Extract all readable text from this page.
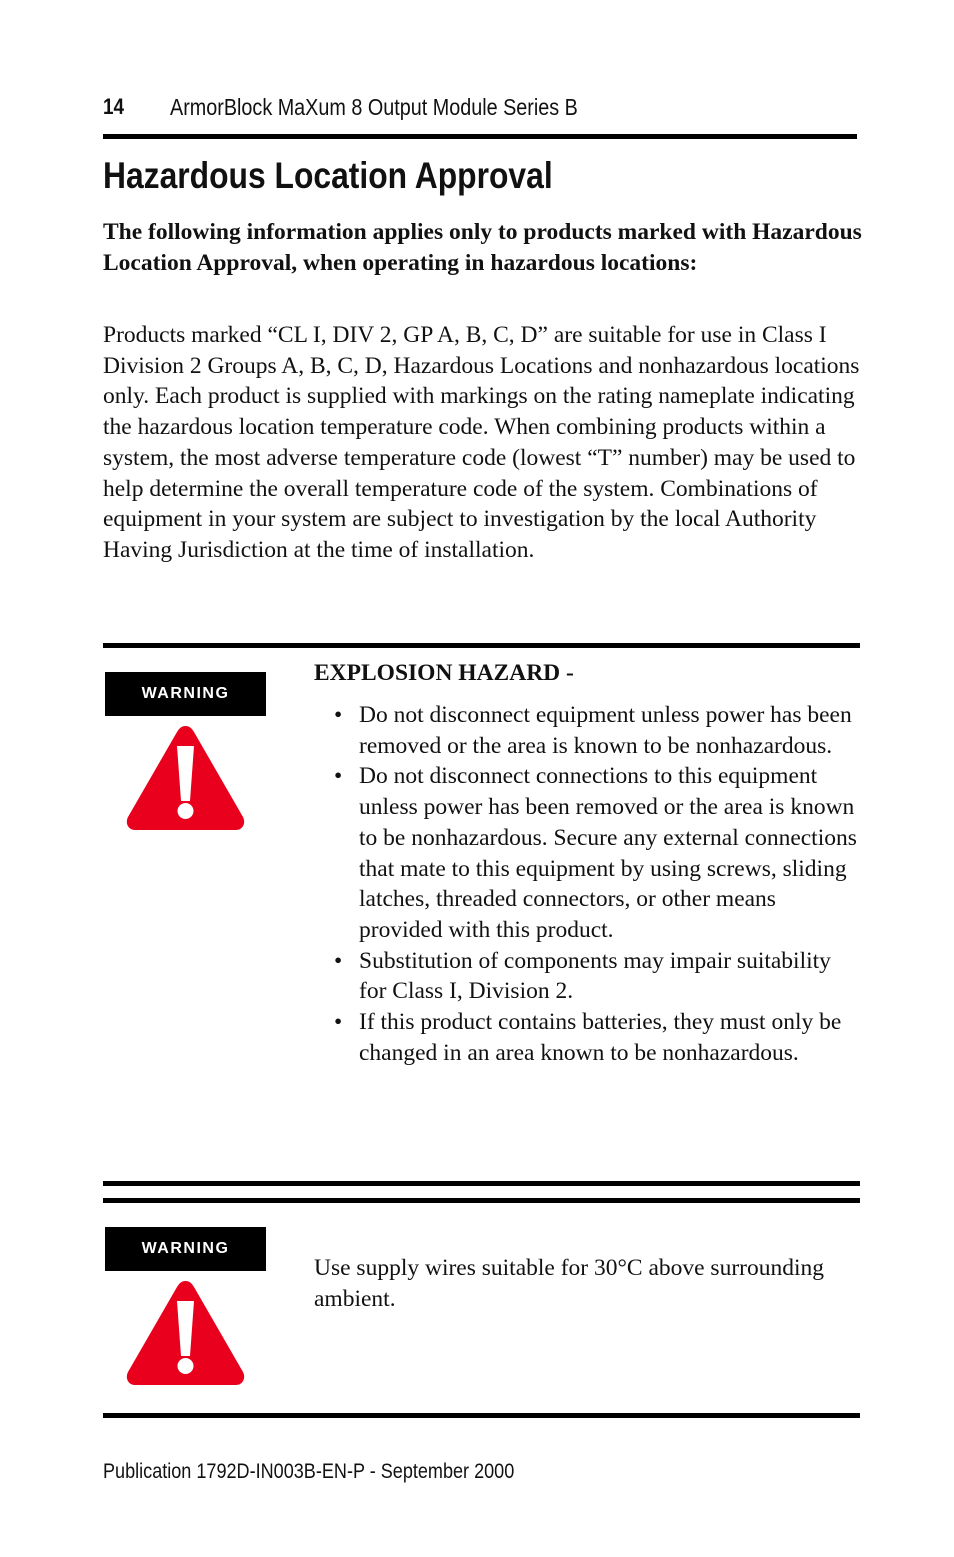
14 ArmorBlock MaXum 8 Output Module Series B
Hazardous Location Approval

The following information applies only to products marked with Hazardous Location Approval, when operating in hazardous locations:

Products marked “CL I, DIV 2, GP A, B, C, D” are suitable for use in Class I Division 2 Groups A, B, C, D, Hazardous Locations and nonhazardous locations only. Each product is supplied with markings on the rating nameplate indicating the hazardous location temperature code. When combining products within a system, the most adverse temperature code (lowest “T” number) may be used to help determine the overall temperature code of the system. Combinations of equipment in your system are subject to investigation by the local Authority Having Jurisdiction at the time of installation.

WARNING
EXPLOSION HAZARD -
• Do not disconnect equipment unless power has been removed or the area is known to be nonhazardous.
• Do not disconnect connections to this equipment unless power has been removed or the area is known to be nonhazardous. Secure any external connections that mate to this equipment by using screws, sliding latches, threaded connectors, or other means provided with this product.
• Substitution of components may impair suitability for Class I, Division 2.
• If this product contains batteries, they must only be changed in an area known to be nonhazardous.
WARNING

Use supply wires suitable for 30°C above surrounding ambient.

Publication 1792D-IN003B-EN-P - September 2000
